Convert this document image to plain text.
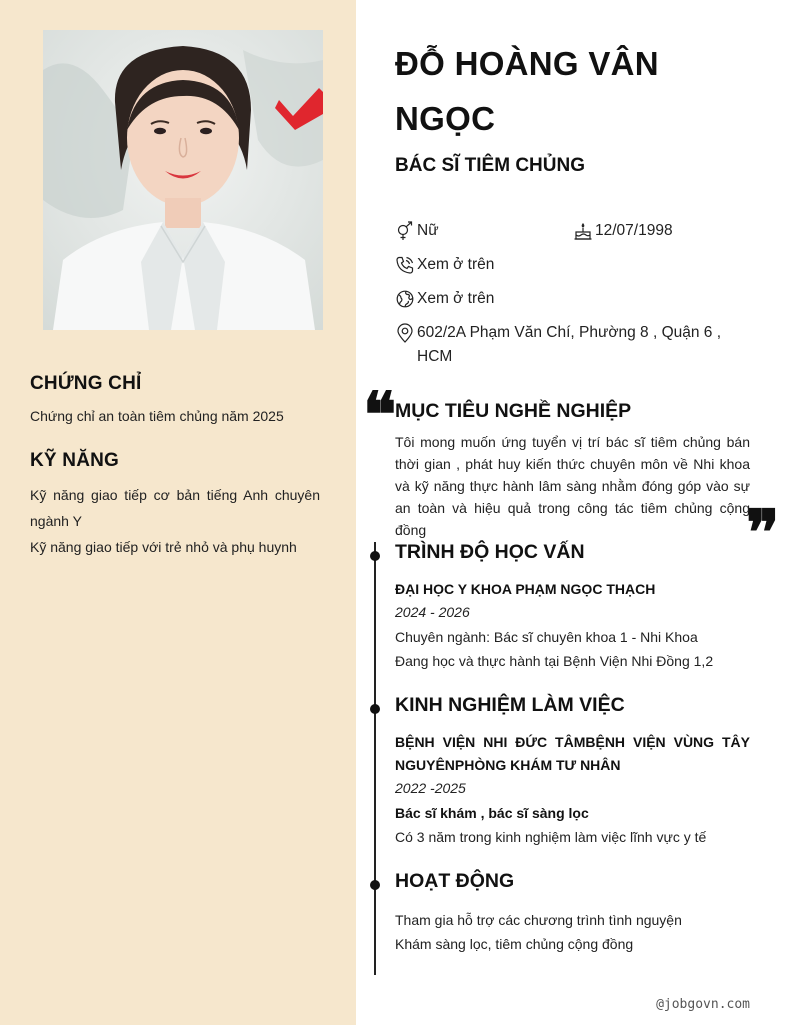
CHỨNG CHỈ
Chứng chỉ an toàn tiêm chủng năm 2025
KỸ NĂNG
Kỹ năng giao tiếp cơ bản tiếng Anh chuyên ngành Y
Kỹ năng giao tiếp với trẻ nhỏ và phụ huynh
ĐỖ HOÀNG VÂN NGỌC
BÁC SĨ TIÊM CHỦNG
Nữ	12/07/1998
Xem ở trên
Xem ở trên
602/2A Phạm Văn Chí, Phường 8 , Quận 6 , HCM
❝
MỤC TIÊU NGHỀ NGHIỆP
Tôi mong muốn ứng tuyển vị trí bác sĩ tiêm chủng bán thời gian , phát huy kiến thức chuyên môn về Nhi khoa và kỹ năng thực hành lâm sàng nhằm đóng góp vào sự an toàn và hiệu quả trong công tác tiêm chủng cộng đồng	❞
TRÌNH ĐỘ HỌC VẤN
ĐẠI HỌC Y KHOA PHẠM NGỌC THẠCH
2024 - 2026
Chuyên ngành: Bác sĩ chuyên khoa 1 - Nhi Khoa
Đang học và thực hành tại Bệnh Viện Nhi Đồng 1,2
KINH NGHIỆM LÀM VIỆC
BỆNH VIỆN NHI ĐỨC TÂMBỆNH VIỆN VÙNG TÂY NGUYÊNPHÒNG KHÁM TƯ NHÂN
2022 -2025
Bác sĩ khám , bác sĩ sàng lọc
Có 3 năm trong kinh nghiệm làm việc lĩnh vực y tế
HOẠT ĐỘNG
Tham gia hỗ trợ các chương trình tình nguyện
Khám sàng lọc, tiêm chủng cộng đồng
@jobgovn.com
